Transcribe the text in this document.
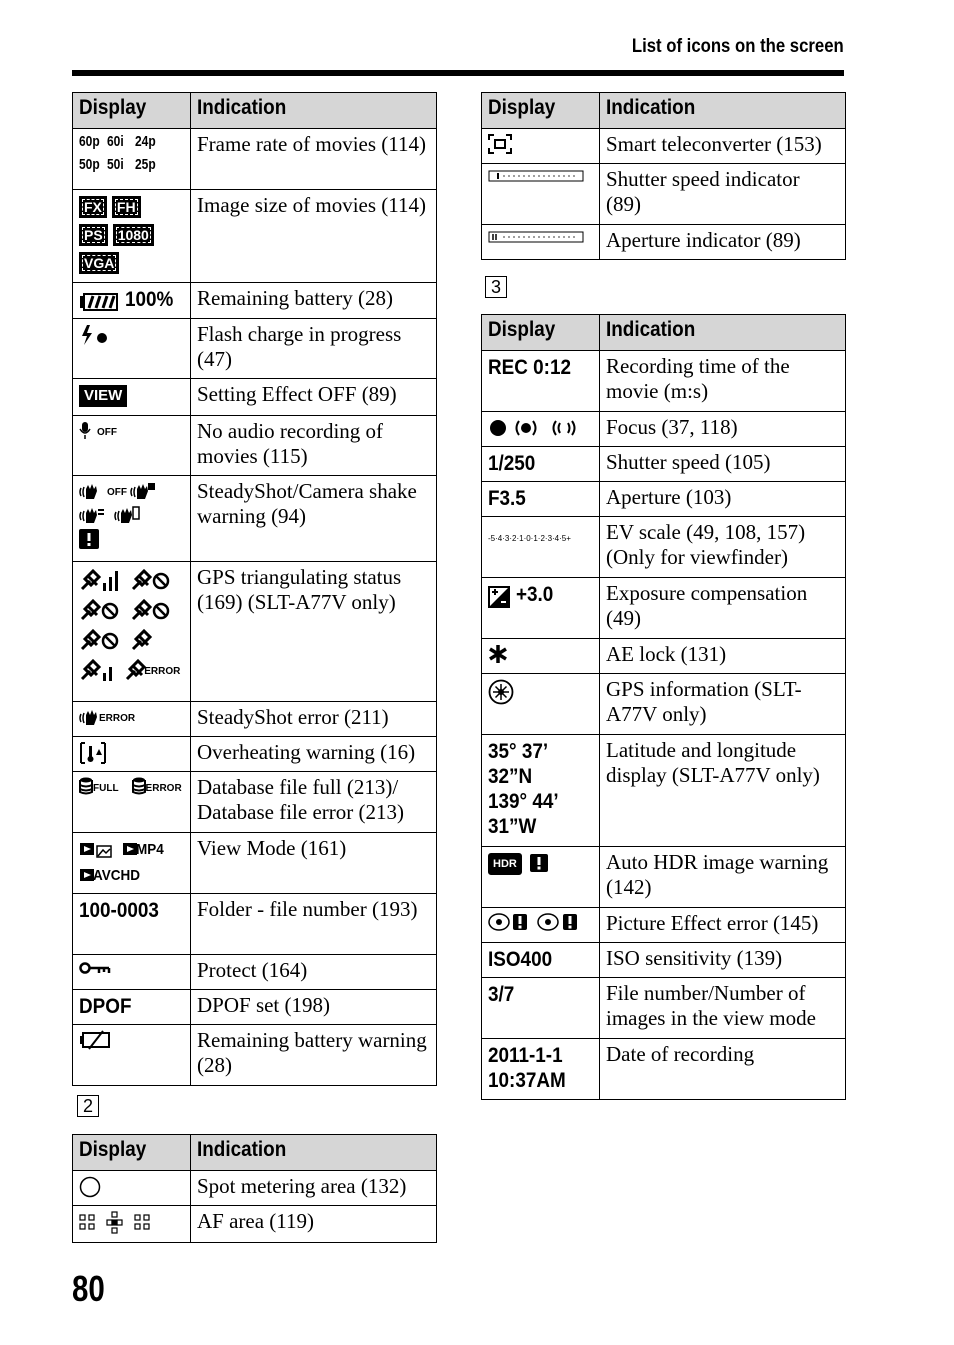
List of icons on the screen
Display	Indication
60p 60i 24p
50p 50i 25p	Frame rate of movies (114)
FX FH
PS 1080
VGA	Image size of movies (114)
100%	Remaining battery (28)
	Flash charge in progress (47)
VIEW	Setting Effect OFF (89)
OFF	No audio recording of movies (115)
OFF	SteadyShot/Camera shake warning (94)

ERROR	GPS triangulating status (169) (SLT-A77V only)
ERROR	SteadyShot error (211)
	Overheating warning (16)
FULL ERROR	Database file full (213)/ Database file error (213)
MP4
AVCHD	View Mode (161)
100-0003	Folder - file number (193)
	Protect (164)
DPOF	DPOF set (198)
	Remaining battery warning (28)
2
Display	Indication
	Spot metering area (132)
	AF area (119)
Display	Indication
	Smart teleconverter (153)
	Shutter speed indicator (89)
	Aperture indicator (89)
3
Display	Indication
REC 0:12	Recording time of the movie (m:s)
	Focus (37, 118)
1/250	Shutter speed (105)
F3.5	Aperture (103)
$_{-5\cdot 4\cdot 3\cdot 2\cdot 1\cdot 0\cdot 1\cdot 2\cdot 3\cdot 4\cdot 5+}$	EV scale (49, 108, 157) (Only for viewfinder)
+3.0	Exposure compensation (49)
	AE lock (131)
	GPS information (SLT-A77V only)
35° 37’
32”N
139° 44’
31”W	Latitude and longitude display (SLT-A77V only)
HDR	Auto HDR image warning (142)
	Picture Effect error (145)
ISO400	ISO sensitivity (139)
3/7	File number/Number of images in the view mode
2011-1-1
10:37AM	Date of recording
80
